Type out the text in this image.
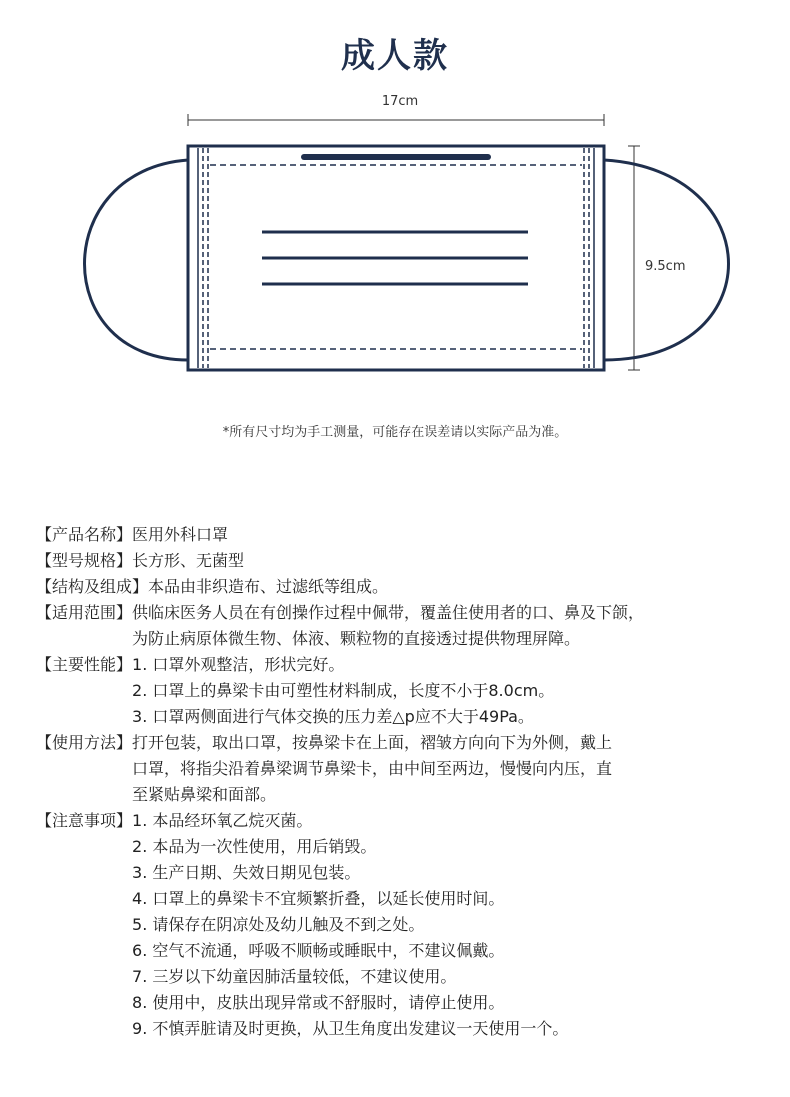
成人款
17cm
9.5cm
*所有尺寸均为手工测量，可能存在误差请以实际产品为准。
【产品名称】 医用外科口罩
【型号规格】 长方形、无菌型
【结构及组成】 本品由非织造布、过滤纸等组成。
【适用范围】 供临床医务人员在有创操作过程中佩带，覆盖住使用者的口、鼻及下颌，
为防止病原体微生物、体液、颗粒物的直接透过提供物理屏障。
【主要性能】 1. 口罩外观整洁，形状完好。
2. 口罩上的鼻梁卡由可塑性材料制成，长度不小于8.0cm。
3. 口罩两侧面进行气体交换的压力差△p应不大于49Pa。
【使用方法】 打开包装，取出口罩，按鼻梁卡在上面，褶皱方向向下为外侧，戴上
口罩，将指尖沿着鼻梁调节鼻梁卡，由中间至两边，慢慢向内压，直
至紧贴鼻梁和面部。
【注意事项】 1. 本品经环氧乙烷灭菌。
2. 本品为一次性使用，用后销毁。
3. 生产日期、失效日期见包装。
4. 口罩上的鼻梁卡不宜频繁折叠，以延长使用时间。
5. 请保存在阴凉处及幼儿触及不到之处。
6. 空气不流通，呼吸不顺畅或睡眠中，不建议佩戴。
7. 三岁以下幼童因肺活量较低，不建议使用。
8. 使用中，皮肤出现异常或不舒服时，请停止使用。
9. 不慎弄脏请及时更换，从卫生角度出发建议一天使用一个。
